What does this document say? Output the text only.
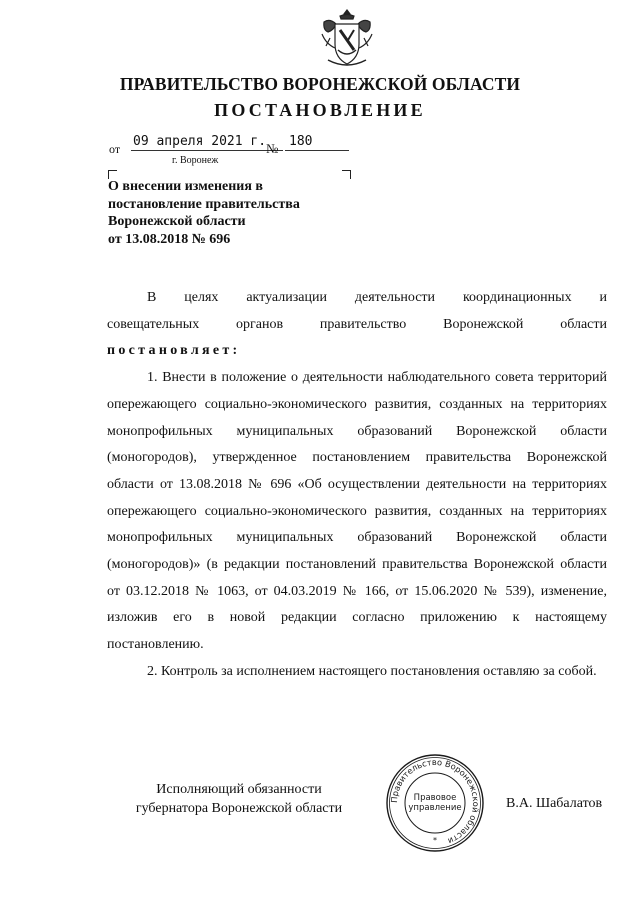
ПРАВИТЕЛЬСТВО ВОРОНЕЖСКОЙ ОБЛАСТИ
ПОСТАНОВЛЕНИЕ
от 09 апреля 2021 г. № 180
г. Воронеж
О внесении изменения в
постановление правительства
Воронежской области
от 13.08.2018 № 696

В целях актуализации деятельности координационных и

совещательных органов правительство Воронежской области

постановляет:

1. Внести в положение о деятельности наблюдательного совета территорий опережающего социально-экономического развития, созданных на территориях монопрофильных муниципальных образований Воронежской области (моногородов), утвержденное постановлением правительства Воронежской области от 13.08.2018 № 696 «Об осуществлении деятельности на территориях опережающего социально-экономического развития, созданных на территориях монопрофильных муниципальных образований Воронежской области (моногородов)» (в редакции постановлений правительства Воронежской области от 03.12.2018 № 1063, от 04.03.2019 № 166, от 15.06.2020 № 539), изменение, изложив его в новой редакции согласно приложению к настоящему постановлению.

2. Контроль за исполнением настоящего постановления оставляю за собой.

Исполняющий обязанности
губернатора Воронежской области
Правительство Воронежской области
Правовое
управление
*
В.А. Шабалатов
